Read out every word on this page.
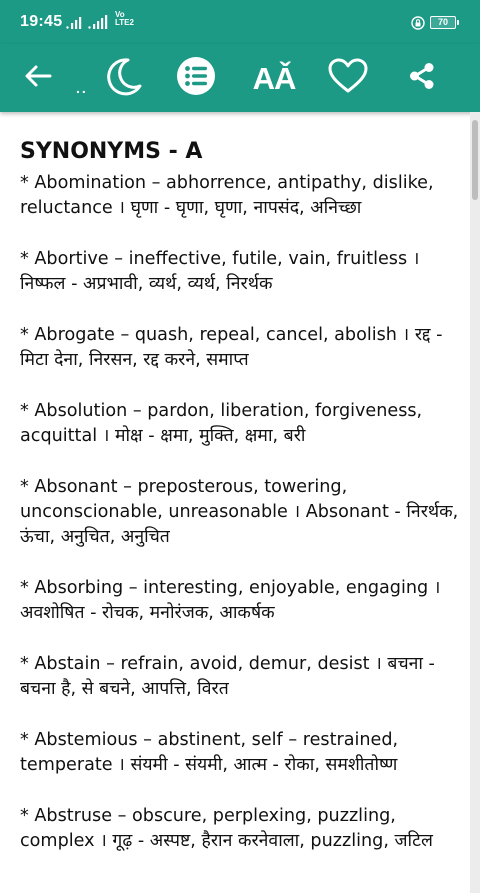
19:45	Vo
LTE2	70
..	AǍ
SYNONYMS - A

* Abomination – abhorrence, antipathy, dislike, reluctance । घृणा - घृणा, घृणा, नापसंद, अनिच्छा

* Abortive – ineffective, futile, vain, fruitless । निष्फल - अप्रभावी, व्यर्थ, व्यर्थ, निरर्थक

* Abrogate – quash, repeal, cancel, abolish । रद्द - मिटा देना, निरसन, रद्द करने, समाप्त

* Absolution – pardon, liberation, forgiveness, acquittal । मोक्ष - क्षमा, मुक्ति, क्षमा, बरी

* Absonant – preposterous, towering, unconscionable, unreasonable । Absonant - निरर्थक, ऊंचा, अनुचित, अनुचित

* Absorbing – interesting, enjoyable, engaging । अवशोषित - रोचक, मनोरंजक, आकर्षक

* Abstain – refrain, avoid, demur, desist । बचना - बचना है, से बचने, आपत्ति, विरत

* Abstemious – abstinent, self – restrained, temperate । संयमी - संयमी, आत्म - रोका, समशीतोष्ण

* Abstruse – obscure, perplexing, puzzling, complex । गूढ़ - अस्पष्ट, हैरान करनेवाला, puzzling, जटिल
